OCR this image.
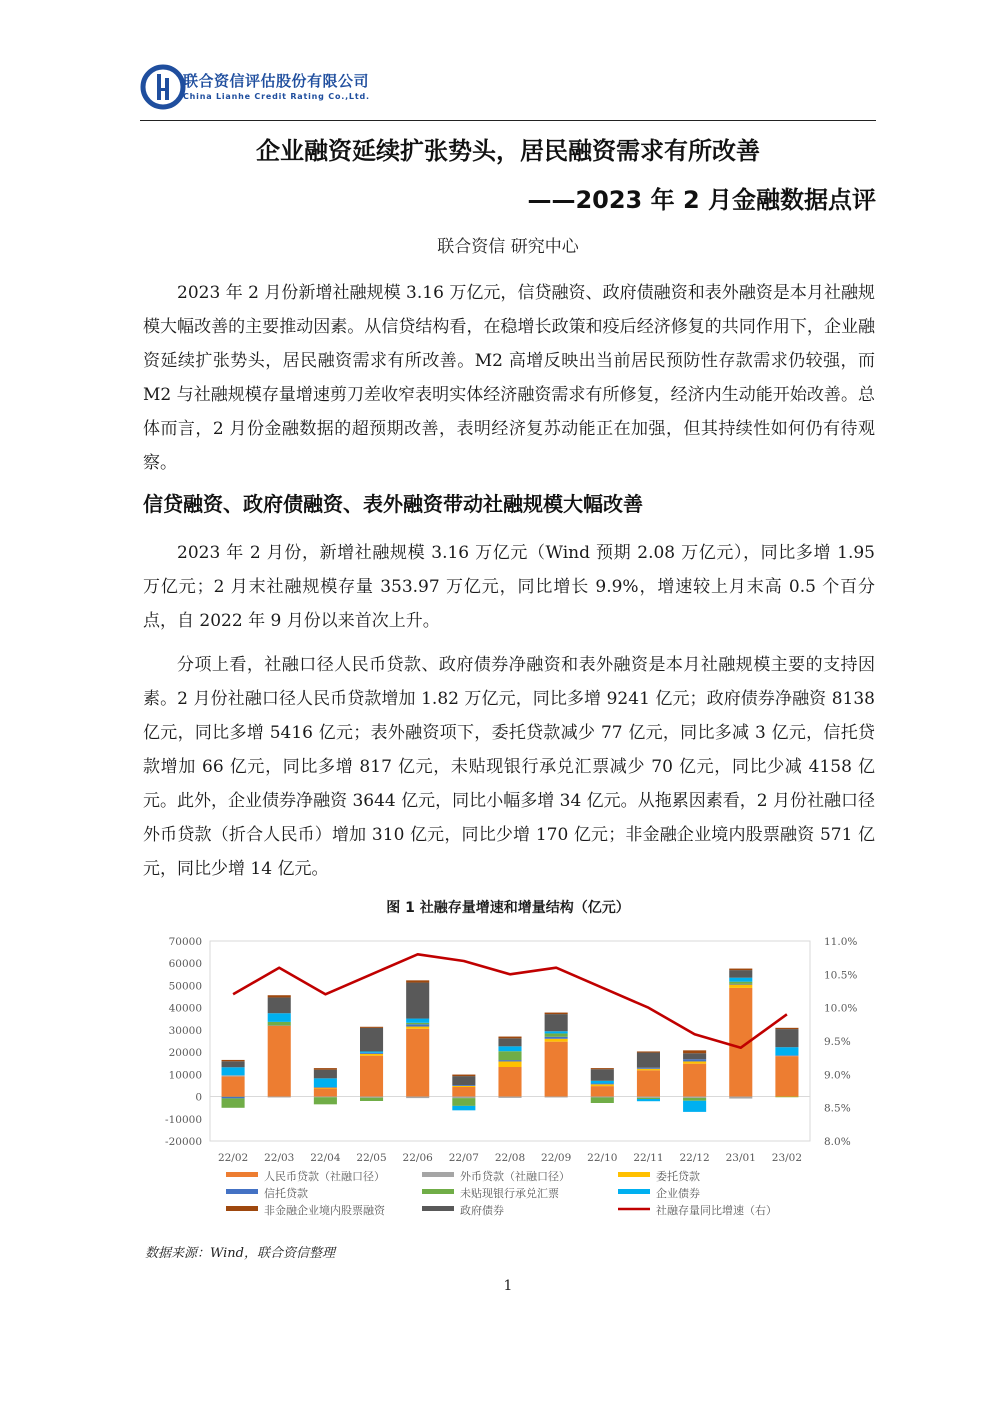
联合资信评估股份有限公司
China Lianhe Credit Rating Co.,Ltd.
企业融资延续扩张势头，居民融资需求有所改善
——2023 年 2 月金融数据点评
联合资信 研究中心
2023 年 2 月份新增社融规模 3.16 万亿元，信贷融资、政府债融资和表外融资是本月社融规模大幅改善的主要推动因素。从信贷结构看，在稳增长政策和疫后经济修复的共同作用下，企业融资延续扩张势头，居民融资需求有所改善。M2 高增反映出当前居民预防性存款需求仍较强，而 M2 与社融规模存量增速剪刀差收窄表明实体经济融资需求有所修复，经济内生动能开始改善。总体而言，2 月份金融数据的超预期改善，表明经济复苏动能正在加强，但其持续性如何仍有待观察。
信贷融资、政府债融资、表外融资带动社融规模大幅改善
2023 年 2 月份，新增社融规模 3.16 万亿元（Wind 预期 2.08 万亿元），同比多增 1.95 万亿元；2 月末社融规模存量 353.97 万亿元，同比增长 9.9%，增速较上月末高 0.5 个百分点，自 2022 年 9 月份以来首次上升。
分项上看，社融口径人民币贷款、政府债券净融资和表外融资是本月社融规模主要的支持因素。2 月份社融口径人民币贷款增加 1.82 万亿元，同比多增 9241 亿元；政府债券净融资 8138 亿元，同比多增 5416 亿元；表外融资项下，委托贷款减少 77 亿元，同比多减 3 亿元，信托贷款增加 66 亿元，同比多增 817 亿元，未贴现银行承兑汇票减少 70 亿元，同比少减 4158 亿元。此外，企业债券净融资 3644 亿元，同比小幅多增 34 亿元。从拖累因素看，2 月份社融口径外币贷款（折合人民币）增加 310 亿元，同比少增 170 亿元；非金融企业境内股票融资 571 亿元，同比少增 14 亿元。
图 1 社融存量增速和增量结构（亿元）
70000
60000
50000
40000
30000
20000
10000
0
-10000
-20000
11.0%
10.5%
10.0%
9.5%
9.0%
8.5%
8.0%
22/02 22/03 22/04 22/05 22/06 22/07 22/08 22/09 22/10 22/11 22/12 23/01 23/02
人民币贷款（社融口径）	外币贷款（社融口径）	委托贷款
信托贷款	未贴现银行承兑汇票	企业债券
非金融企业境内股票融资	政府债券	社融存量同比增速（右）
数据来源：Wind，联合资信整理
1
